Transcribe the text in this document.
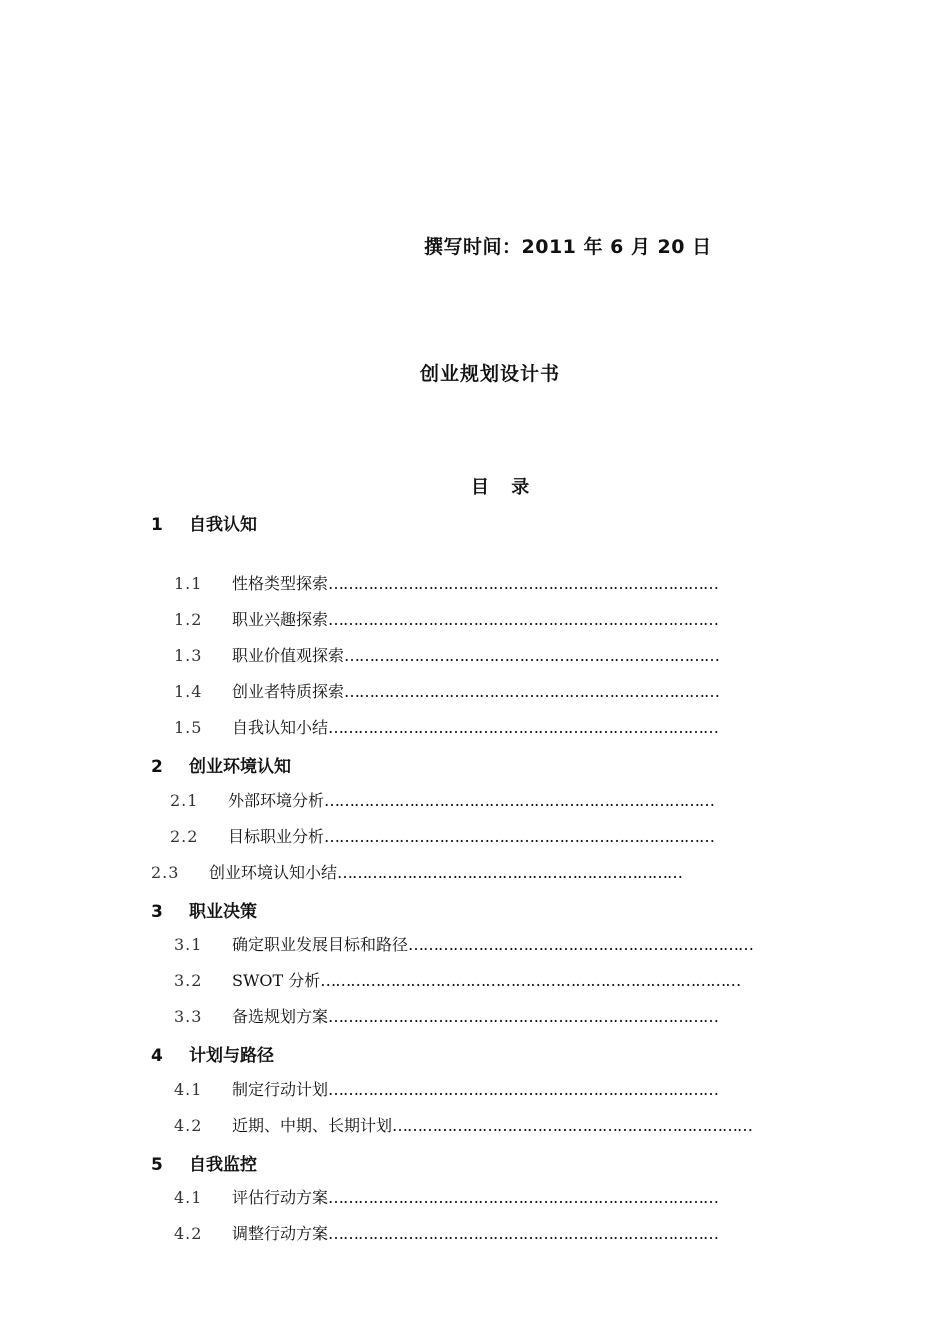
撰写时间：2011 年 6 月 20 日
创业规划设计书
目 录
1 自我认知
1.1 性格类型探索……………………………………………………………………
1.2 职业兴趣探索……………………………………………………………………
1.3 职业价值观探索…………………………………………………………………
1.4 创业者特质探索…………………………………………………………………
1.5 自我认知小结……………………………………………………………………
2 创业环境认知
2.1 外部环境分析……………………………………………………………………
2.2 目标职业分析……………………………………………………………………
2.3 创业环境认知小结……………………………………………………………
3 职业决策
3.1 确定职业发展目标和路径……………………………………………………………
3.2 SWOT 分析…………………………………………………………………………
3.3 备选规划方案……………………………………………………………………
4 计划与路径
4.1 制定行动计划……………………………………………………………………
4.2 近期、中期、长期计划………………………………………………………………
5 自我监控
4.1 评估行动方案……………………………………………………………………
4.2 调整行动方案……………………………………………………………………
